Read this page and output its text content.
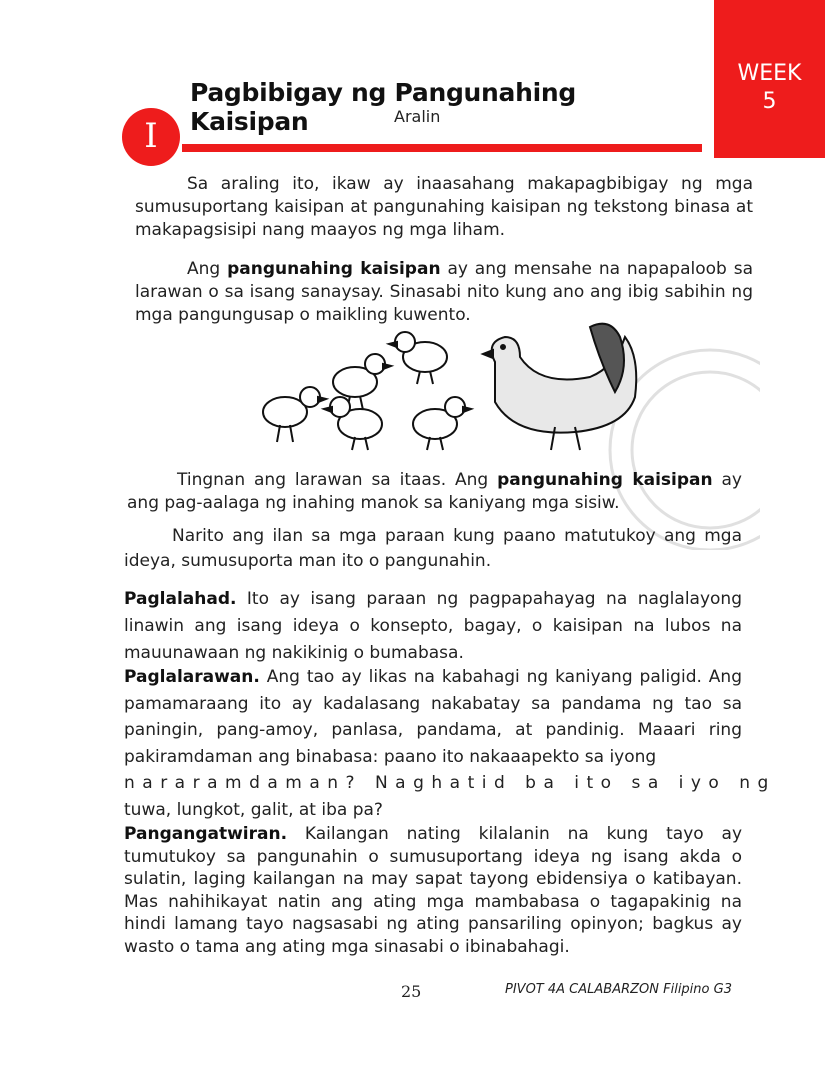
WEEK
5
Pagbibigay ng Pangunahing Kaisipan	Aralin
I

Sa araling ito, ikaw ay inaasahang makapagbibigay ng mga sumusuportang kaisipan at pangunahing kaisipan ng tekstong binasa at makapagsisipi nang maayos ng mga liham.

Ang pangunahing kaisipan ay ang mensahe na napapaloob sa larawan o sa isang sanaysay. Sinasabi nito kung ano ang ibig sabihin ng mga pangungusap o maikling kuwento.

Tingnan ang larawan sa itaas. Ang pangunahing kaisipan ay ang pag-aalaga ng inahing manok sa kaniyang mga sisiw.

Narito ang ilan sa mga paraan kung paano matutukoy ang mga ideya, sumusuporta man ito o pangunahin.

Paglalahad. Ito ay isang paraan ng pagpapahayag na naglalayong linawin ang isang ideya o konsepto, bagay, o kaisipan na lubos na mauunawaan ng nakikinig o bumabasa.

Paglalarawan. Ang tao ay likas na kabahagi ng kaniyang paligid. Ang pamamaraang ito ay kadalasang nakabatay sa pandama ng tao sa paningin, pang-amoy, panlasa, pandama, at pandinig. Maaari ring pakiramdaman ang binabasa: paano ito nakaaapekto sa iyong
nararamdaman? Naghatid ba ito sa iyo ng
tuwa, lungkot, galit, at iba pa?

Pangangatwiran. Kailangan nating kilalanin na kung tayo ay tumutukoy sa pangunahin o sumusuportang ideya ng isang akda o sulatin, laging kailangan na may sapat tayong ebidensiya o katibayan. Mas nahihikayat natin ang ating mga mambabasa o tagapakinig na hindi lamang tayo nagsasabi ng ating pansariling opinyon; bagkus ay wasto o tama ang ating mga sinasabi o ibinabahagi.

25	PIVOT 4A CALABARZON Filipino G3
